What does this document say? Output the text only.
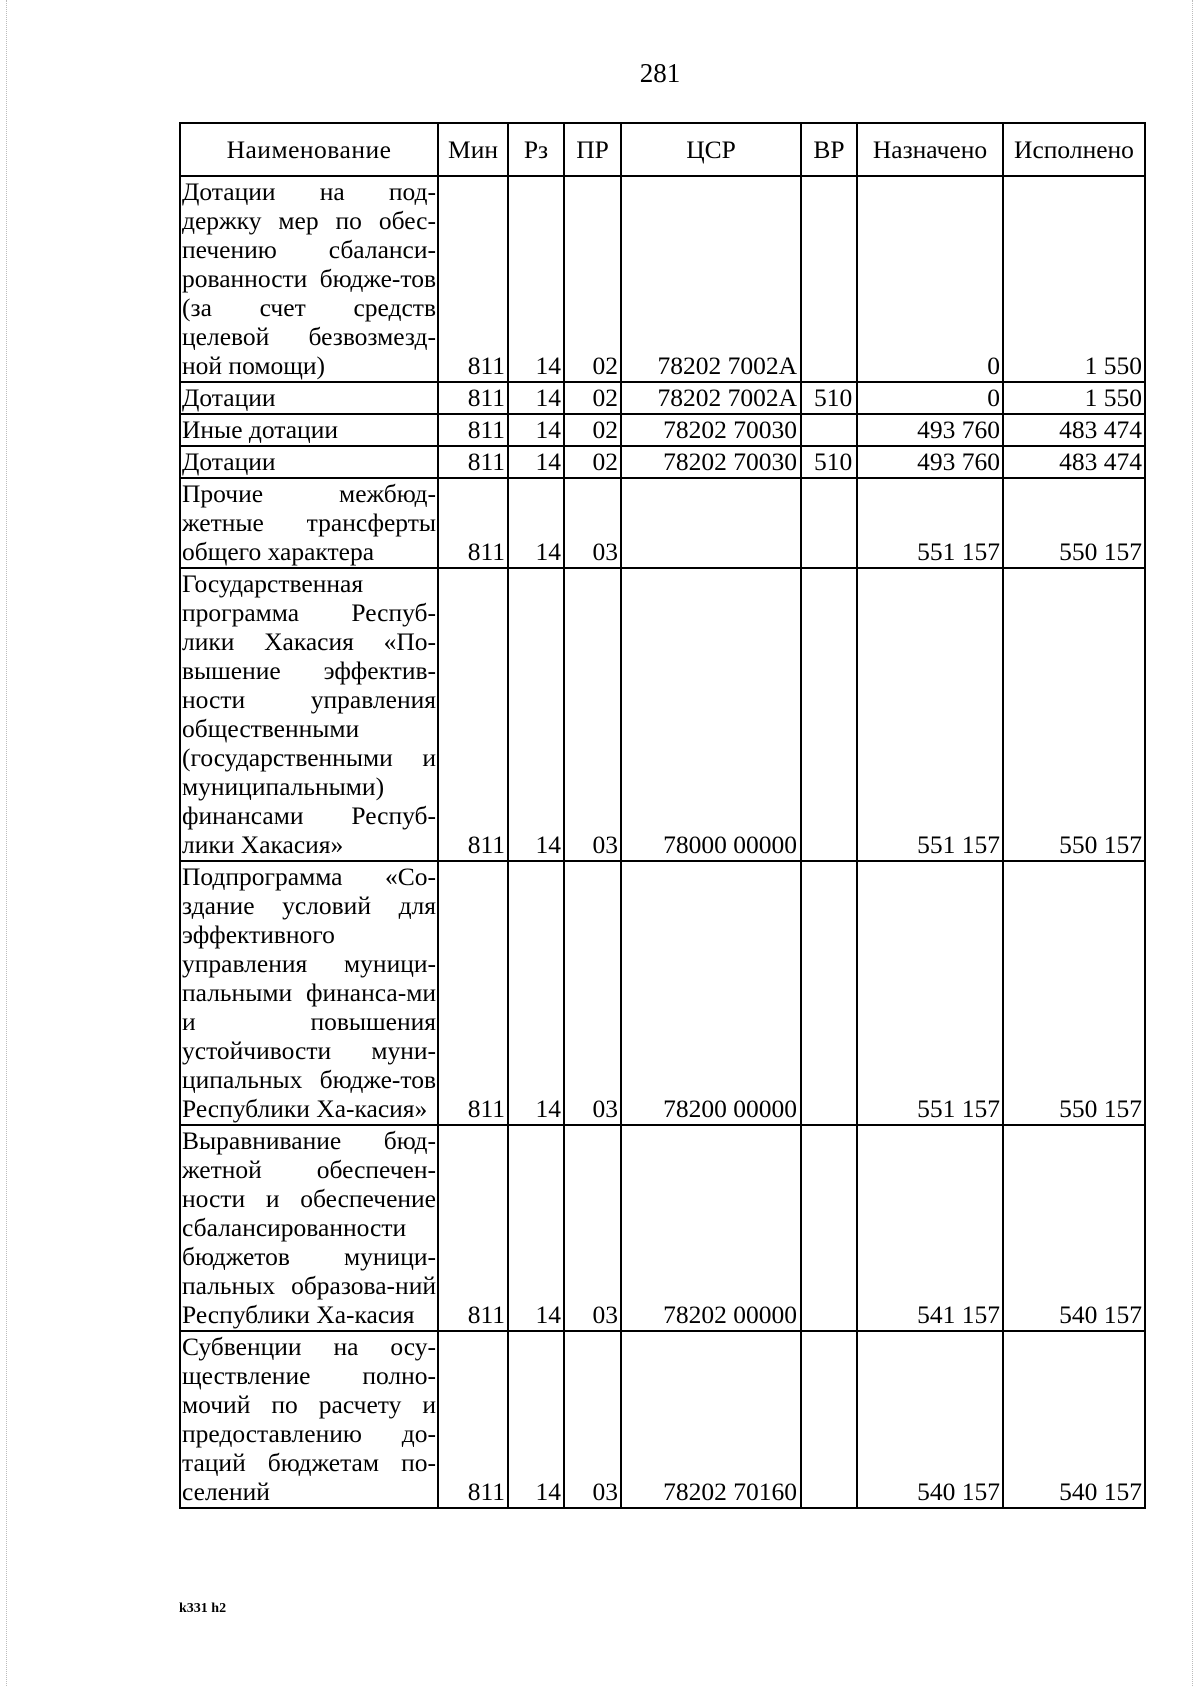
281
Наименование	Мин	Рз	ПР	ЦСР	ВР	Назначено	Исполнено
Дотации на под-держку мер по обес-печению сбаланси-рованности бюдже-тов (за счет средств целевой безвозмезд-ной помощи)	811	14	02	78202 7002А		0	1 550
Дотации	811	14	02	78202 7002А	510	0	1 550
Иные дотации	811	14	02	78202 70030		493 760	483 474
Дотации	811	14	02	78202 70030	510	493 760	483 474
Прочие межбюд-жетные трансферты общего характера	811	14	03			551 157	550 157
Государственная программа Респуб-лики Хакасия «По-вышение эффектив-ности управления общественными (государственными и муниципальными) финансами Респуб-лики Хакасия»	811	14	03	78000 00000		551 157	550 157
Подпрограмма «Со-здание условий для эффективного управления муници-пальными финанса-ми и повышения устойчивости муни-ципальных бюдже-тов Республики Ха-касия»	811	14	03	78200 00000		551 157	550 157
Выравнивание бюд-жетной обеспечен-ности и обеспечение сбалансированности бюджетов муници-пальных образова-ний Республики Ха-касия	811	14	03	78202 00000		541 157	540 157
Субвенции на осу-ществление полно-мочий по расчету и предоставлению до-таций бюджетам по-селений	811	14	03	78202 70160		540 157	540 157
k331 h2
